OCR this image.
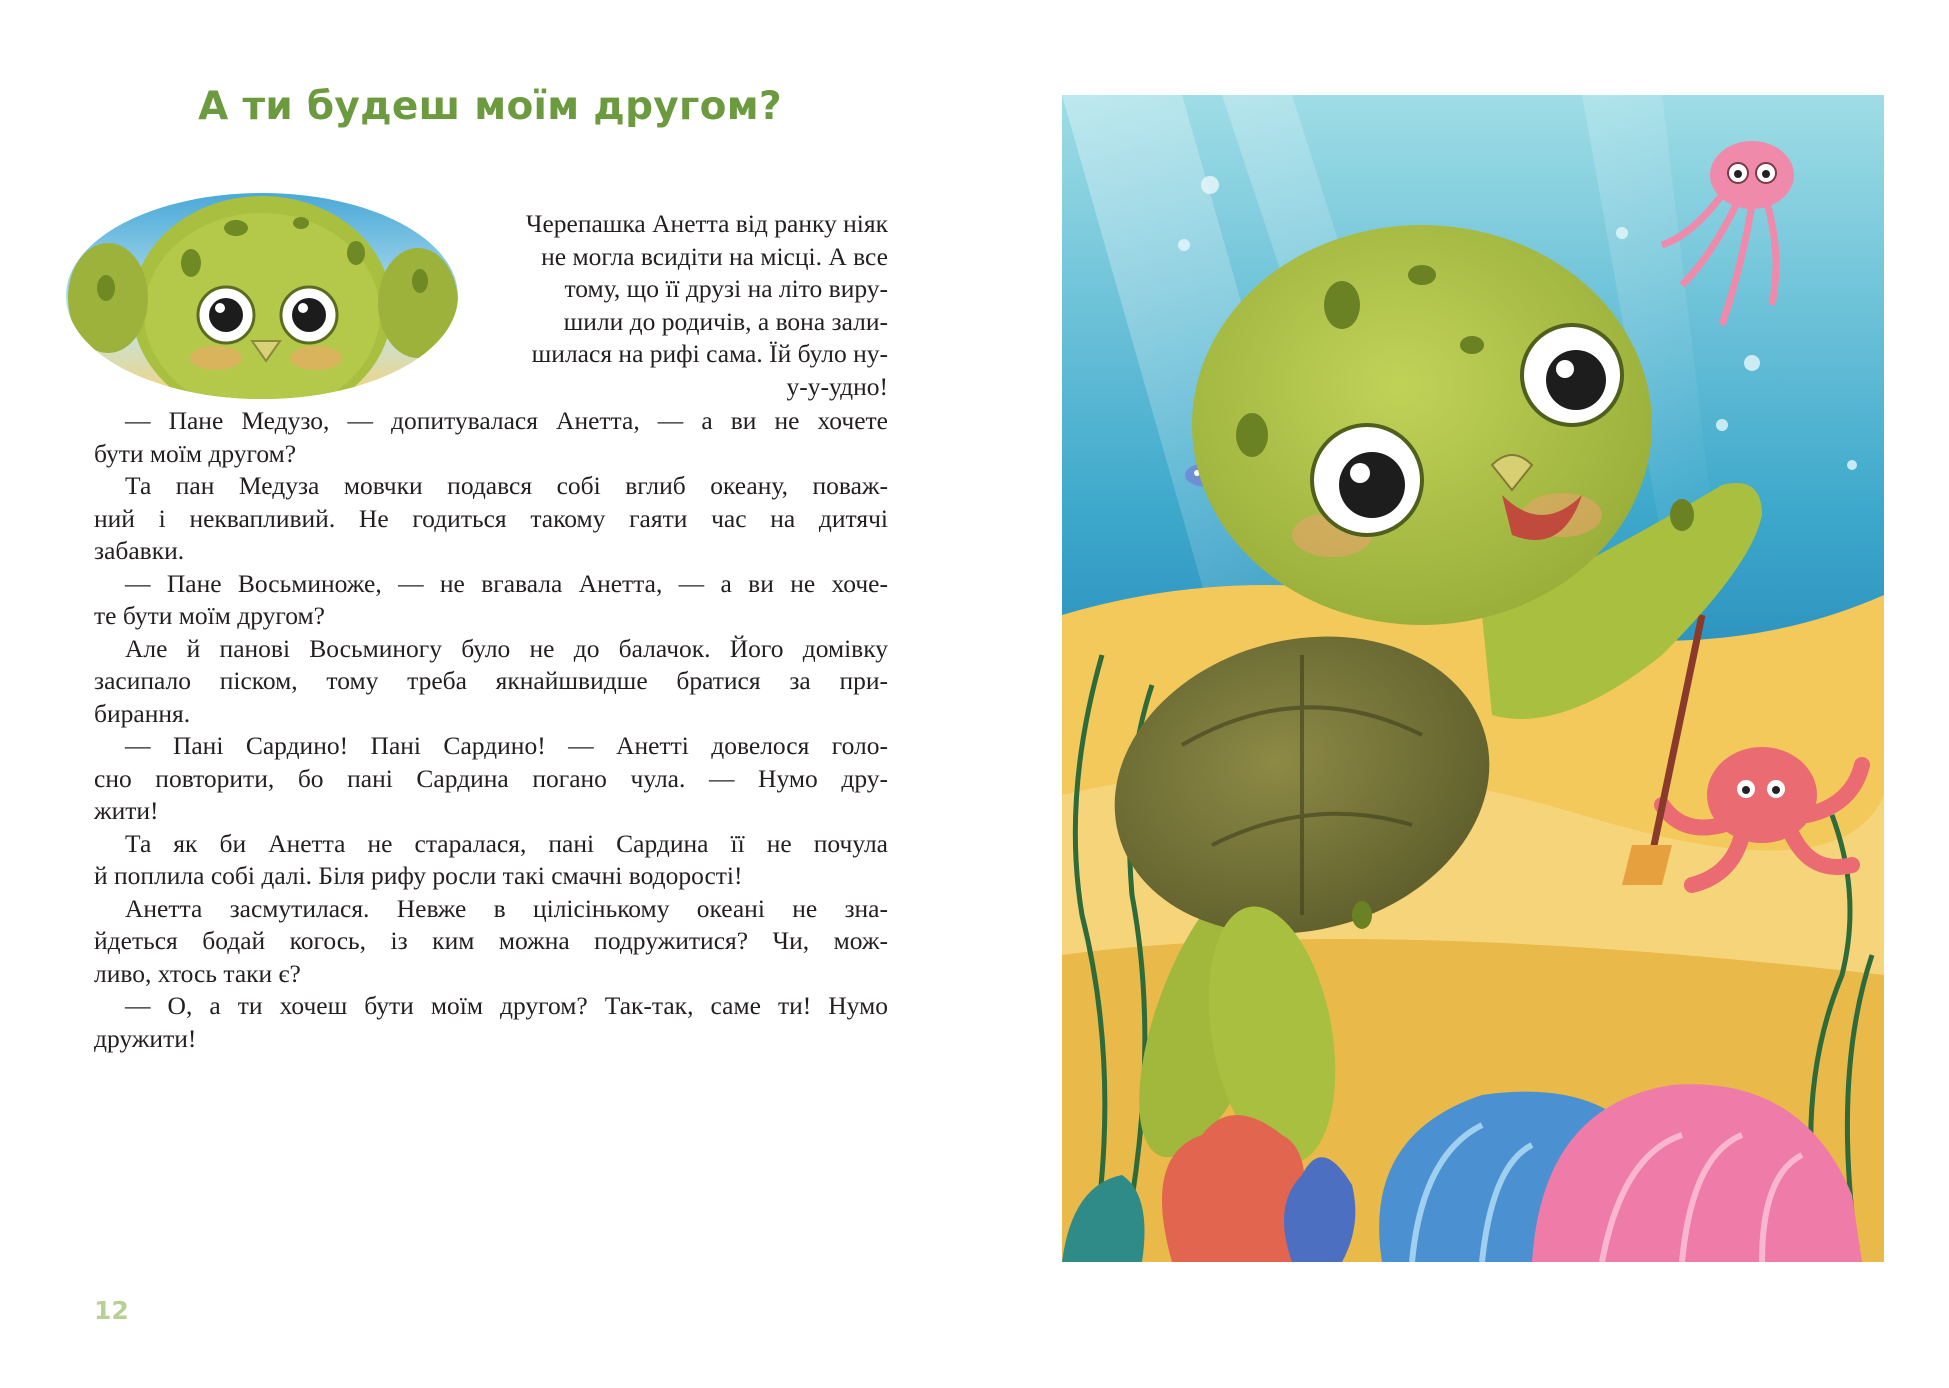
А ти будеш моїм другом?
Черепашка Анетта від ранку ніяк
не могла всидіти на місці. А все
тому, що її друзі на літо виру-
шили до родичів, а вона зали-
шилася на рифі сама. Їй було ну-
у-у-удно!
— Пане Медузо, — допитувалася Анетта, — а ви не хочете
бути моїм другом?
Та пан Медуза мовчки подався собі вглиб океану, поваж-
ний і неквапливий. Не годиться такому гаяти час на дитячі
забавки.
— Пане Восьминоже, — не вгавала Анетта, — а ви не хоче-
те бути моїм другом?
Але й панові Восьминогу було не до балачок. Його домівку
засипало піском, тому треба якнайшвидше братися за при-
бирання.
— Пані Сардино! Пані Сардино! — Анетті довелося голо-
сно повторити, бо пані Сардина погано чула. — Нумо дру-
жити!
Та як би Анетта не старалася, пані Сардина її не почула
й поплила собі далі. Біля рифу росли такі смачні водорості!
Анетта засмутилася. Невже в цілісінькому океані не зна-
йдеться бодай когось, із ким можна подружитися? Чи, мож-
ливо, хтось таки є?
— О, а ти хочеш бути моїм другом? Так-так, саме ти! Нумо
дружити!
12
